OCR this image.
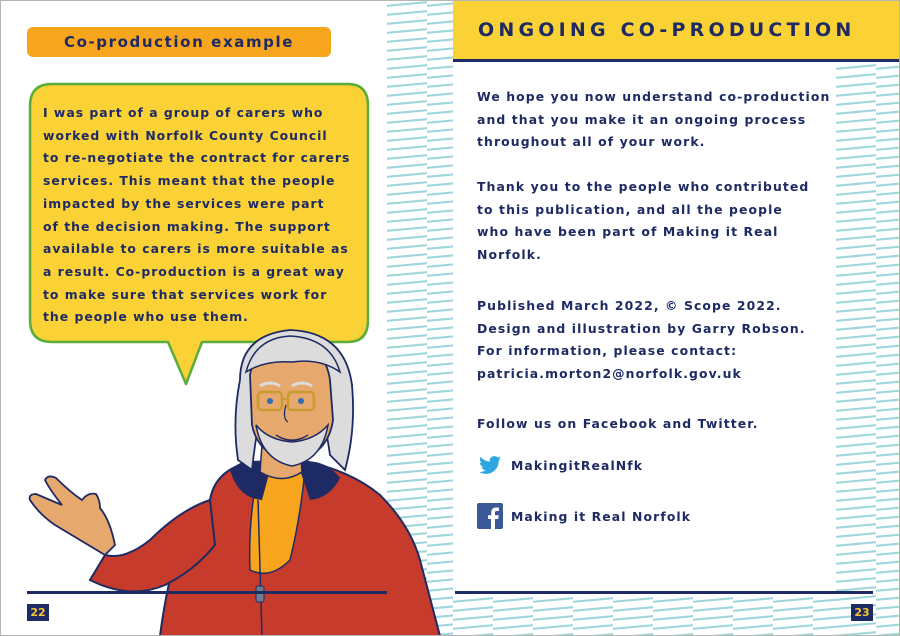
Co-production example
I was part of a group of carers who
worked with Norfolk County Council
to re-negotiate the contract for carers
services. This meant that the people
impacted by the services were part
of the decision making. The support
available to carers is more suitable as
a result. Co-production is a great way
to make sure that services work for
the people who use them.
ONGOING CO-PRODUCTION
We hope you now understand co-production
and that you make it an ongoing process
throughout all of your work.
Thank you to the people who contributed
to this publication, and all the people
who have been part of Making it Real
Norfolk.
Published March 2022, © Scope 2022.
Design and illustration by Garry Robson.
For information, please contact:
patricia.morton2@norfolk.gov.uk
Follow us on Facebook and Twitter.
MakingitRealNfk
Making it Real Norfolk
22	23
